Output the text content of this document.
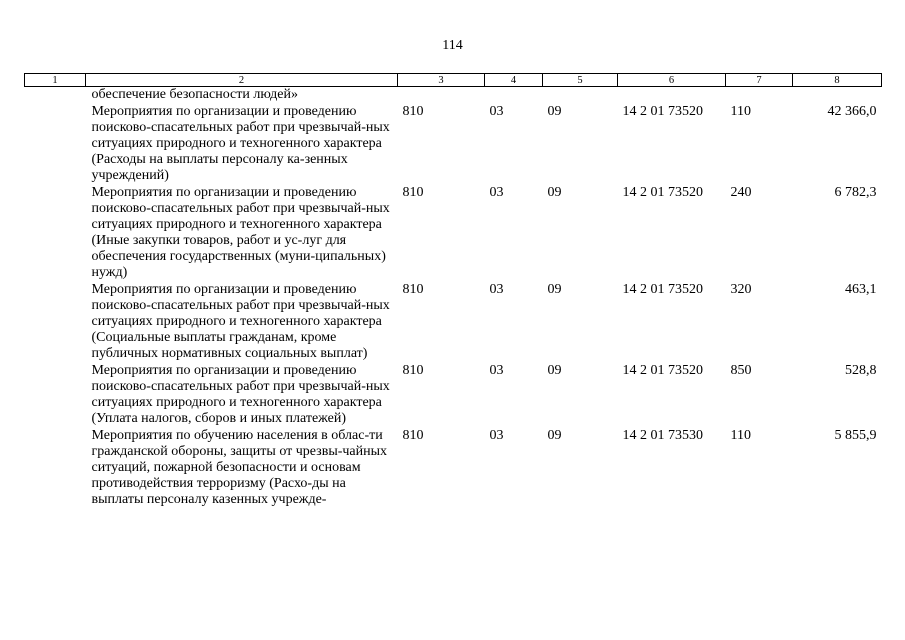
114
1	2	3	4	5	6	7	8
	обеспечение безопасности людей»						
	Мероприятия по организации и проведению поисково-спасательных работ при чрезвычай-ных ситуациях природного и техногенного характера (Расходы на выплаты персоналу ка-зенных учреждений)	810	03	09	14 2 01 73520	110	42 366,0
	Мероприятия по организации и проведению поисково-спасательных работ при чрезвычай-ных ситуациях природного и техногенного характера (Иные закупки товаров, работ и ус-луг для обеспечения государственных (муни-ципальных) нужд)	810	03	09	14 2 01 73520	240	6 782,3
	Мероприятия по организации и проведению поисково-спасательных работ при чрезвычай-ных ситуациях природного и техногенного характера (Социальные выплаты гражданам, кроме публичных нормативных социальных выплат)	810	03	09	14 2 01 73520	320	463,1
	Мероприятия по организации и проведению поисково-спасательных работ при чрезвычай-ных ситуациях природного и техногенного характера (Уплата налогов, сборов и иных платежей)	810	03	09	14 2 01 73520	850	528,8
	Мероприятия по обучению населения в облас-ти гражданской обороны, защиты от чрезвы-чайных ситуаций, пожарной безопасности и основам противодействия терроризму (Расхо-ды на выплаты персоналу казенных учрежде-	810	03	09	14 2 01 73530	110	5 855,9
